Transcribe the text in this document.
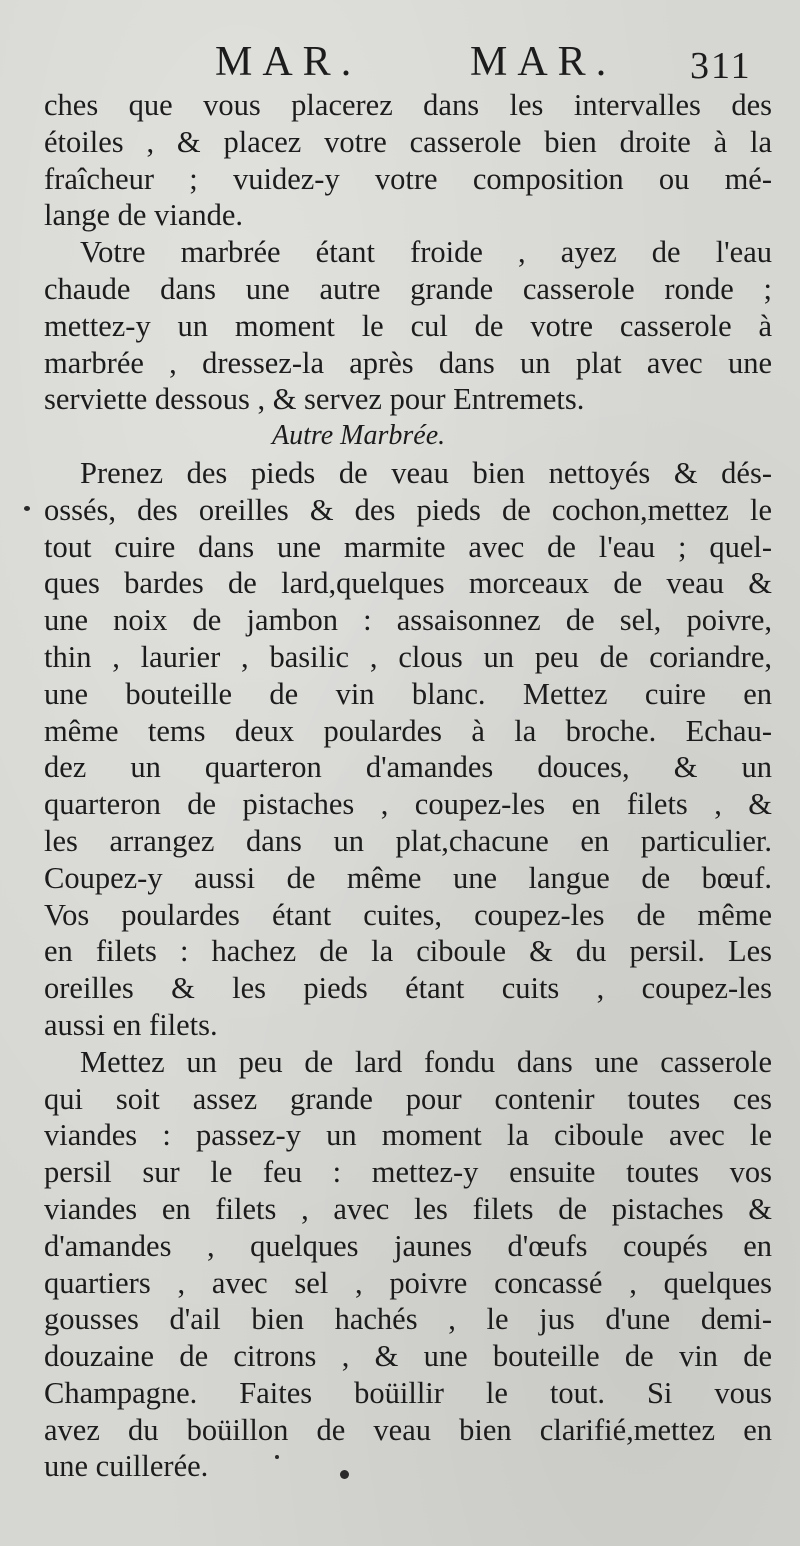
MAR.	MAR. 311
ches que vous placerez dans les intervalles des
étoiles , & placez votre casserole bien droite à la
fraîcheur ; vuidez-y votre composition ou mé-
lange de viande.
Votre marbrée étant froide , ayez de l'eau
chaude dans une autre grande casserole ronde ;
mettez-y un moment le cul de votre casserole à
marbrée , dressez-la après dans un plat avec une
serviette dessous , & servez pour Entremets.
Autre Marbrée.
Prenez des pieds de veau bien nettoyés & dés-
ossés, des oreilles & des pieds de cochon,mettez le
tout cuire dans une marmite avec de l'eau ; quel-
ques bardes de lard,quelques morceaux de veau &
une noix de jambon : assaisonnez de sel, poivre,
thin , laurier , basilic , clous un peu de coriandre,
une bouteille de vin blanc. Mettez cuire en
même tems deux poulardes à la broche. Echau-
dez un quarteron d'amandes douces, & un
quarteron de pistaches , coupez-les en filets , &
les arrangez dans un plat,chacune en particulier.
Coupez-y aussi de même une langue de bœuf.
Vos poulardes étant cuites, coupez-les de même
en filets : hachez de la ciboule & du persil. Les
oreilles & les pieds étant cuits , coupez-les
aussi en filets.
Mettez un peu de lard fondu dans une casserole
qui soit assez grande pour contenir toutes ces
viandes : passez-y un moment la ciboule avec le
persil sur le feu : mettez-y ensuite toutes vos
viandes en filets , avec les filets de pistaches &
d'amandes , quelques jaunes d'œufs coupés en
quartiers , avec sel , poivre concassé , quelques
gousses d'ail bien hachés , le jus d'une demi-
douzaine de citrons , & une bouteille de vin de
Champagne. Faites boüillir le tout. Si vous
avez du boüillon de veau bien clarifié,mettez en
une cuillerée.
